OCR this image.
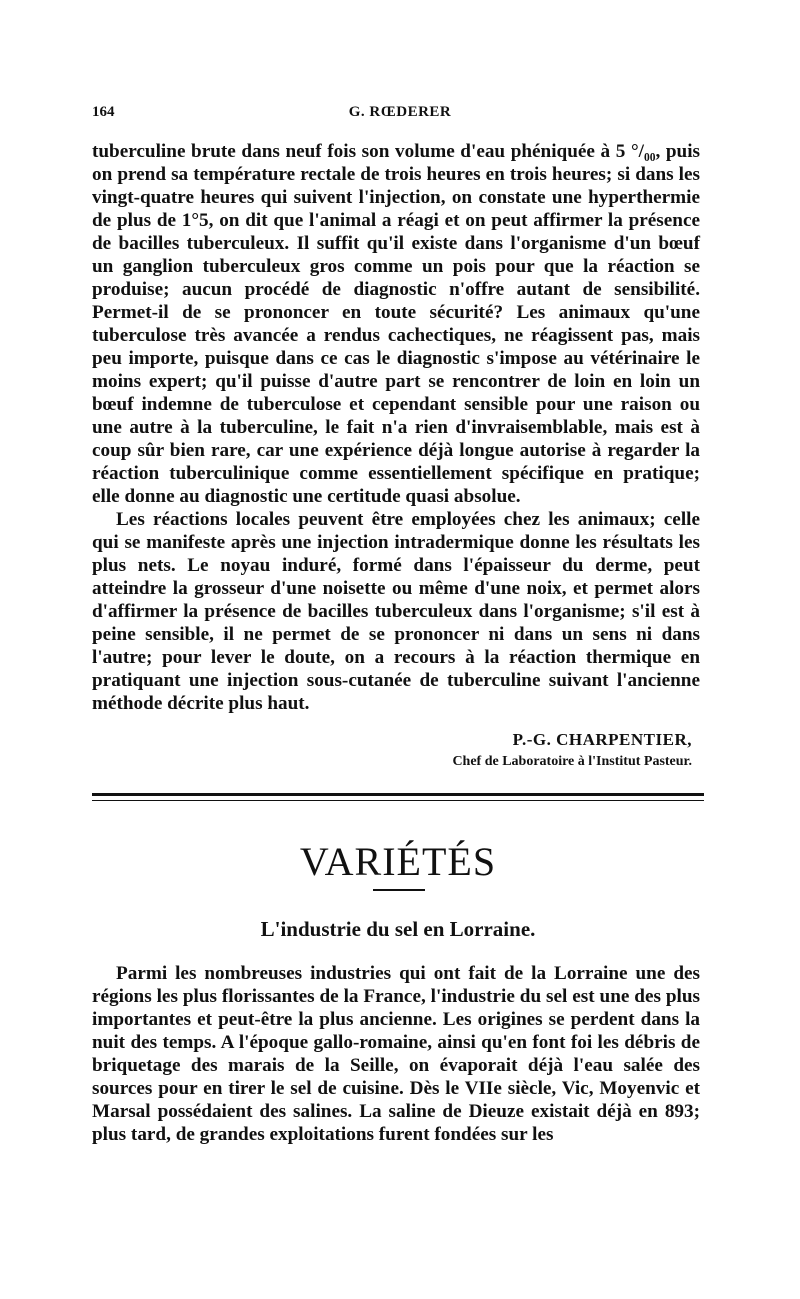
164	G. RŒDERER

tuberculine brute dans neuf fois son volume d'eau phéniquée à 5 °/₀₀, puis on prend sa température rectale de trois heures en trois heures; si dans les vingt-quatre heures qui suivent l'injection, on constate une hyperthermie de plus de 1°5, on dit que l'animal a réagi et on peut affirmer la présence de bacilles tuberculeux. Il suffit qu'il existe dans l'organisme d'un bœuf un ganglion tuberculeux gros comme un pois pour que la réaction se produise; aucun procédé de diagnostic n'offre autant de sensibilité. Permet-il de se prononcer en toute sécurité? Les animaux qu'une tuberculose très avancée a rendus cachectiques, ne réagissent pas, mais peu importe, puisque dans ce cas le diagnostic s'impose au vétérinaire le moins expert; qu'il puisse d'autre part se rencontrer de loin en loin un bœuf indemne de tuberculose et cependant sensible pour une raison ou une autre à la tuberculine, le fait n'a rien d'invraisemblable, mais est à coup sûr bien rare, car une expérience déjà longue autorise à regarder la réaction tuberculinique comme essentiellement spécifique en pratique; elle donne au diagnostic une certitude quasi absolue.

Les réactions locales peuvent être employées chez les animaux; celle qui se manifeste après une injection intradermique donne les résultats les plus nets. Le noyau induré, formé dans l'épaisseur du derme, peut atteindre la grosseur d'une noisette ou même d'une noix, et permet alors d'affirmer la présence de bacilles tuberculeux dans l'organisme; s'il est à peine sensible, il ne permet de se prononcer ni dans un sens ni dans l'autre; pour lever le doute, on a recours à la réaction thermique en pratiquant une injection sous-cutanée de tuberculine suivant l'ancienne méthode décrite plus haut.

P.-G. CHARPENTIER,
Chef de Laboratoire à l'Institut Pasteur.
VARIÉTÉS
L'industrie du sel en Lorraine.

Parmi les nombreuses industries qui ont fait de la Lorraine une des régions les plus florissantes de la France, l'industrie du sel est une des plus importantes et peut-être la plus ancienne. Les origines se perdent dans la nuit des temps. A l'époque gallo-romaine, ainsi qu'en font foi les débris de briquetage des marais de la Seille, on évaporait déjà l'eau salée des sources pour en tirer le sel de cuisine. Dès le VIIe siècle, Vic, Moyenvic et Marsal possédaient des salines. La saline de Dieuze existait déjà en 893; plus tard, de grandes exploitations furent fondées sur les
